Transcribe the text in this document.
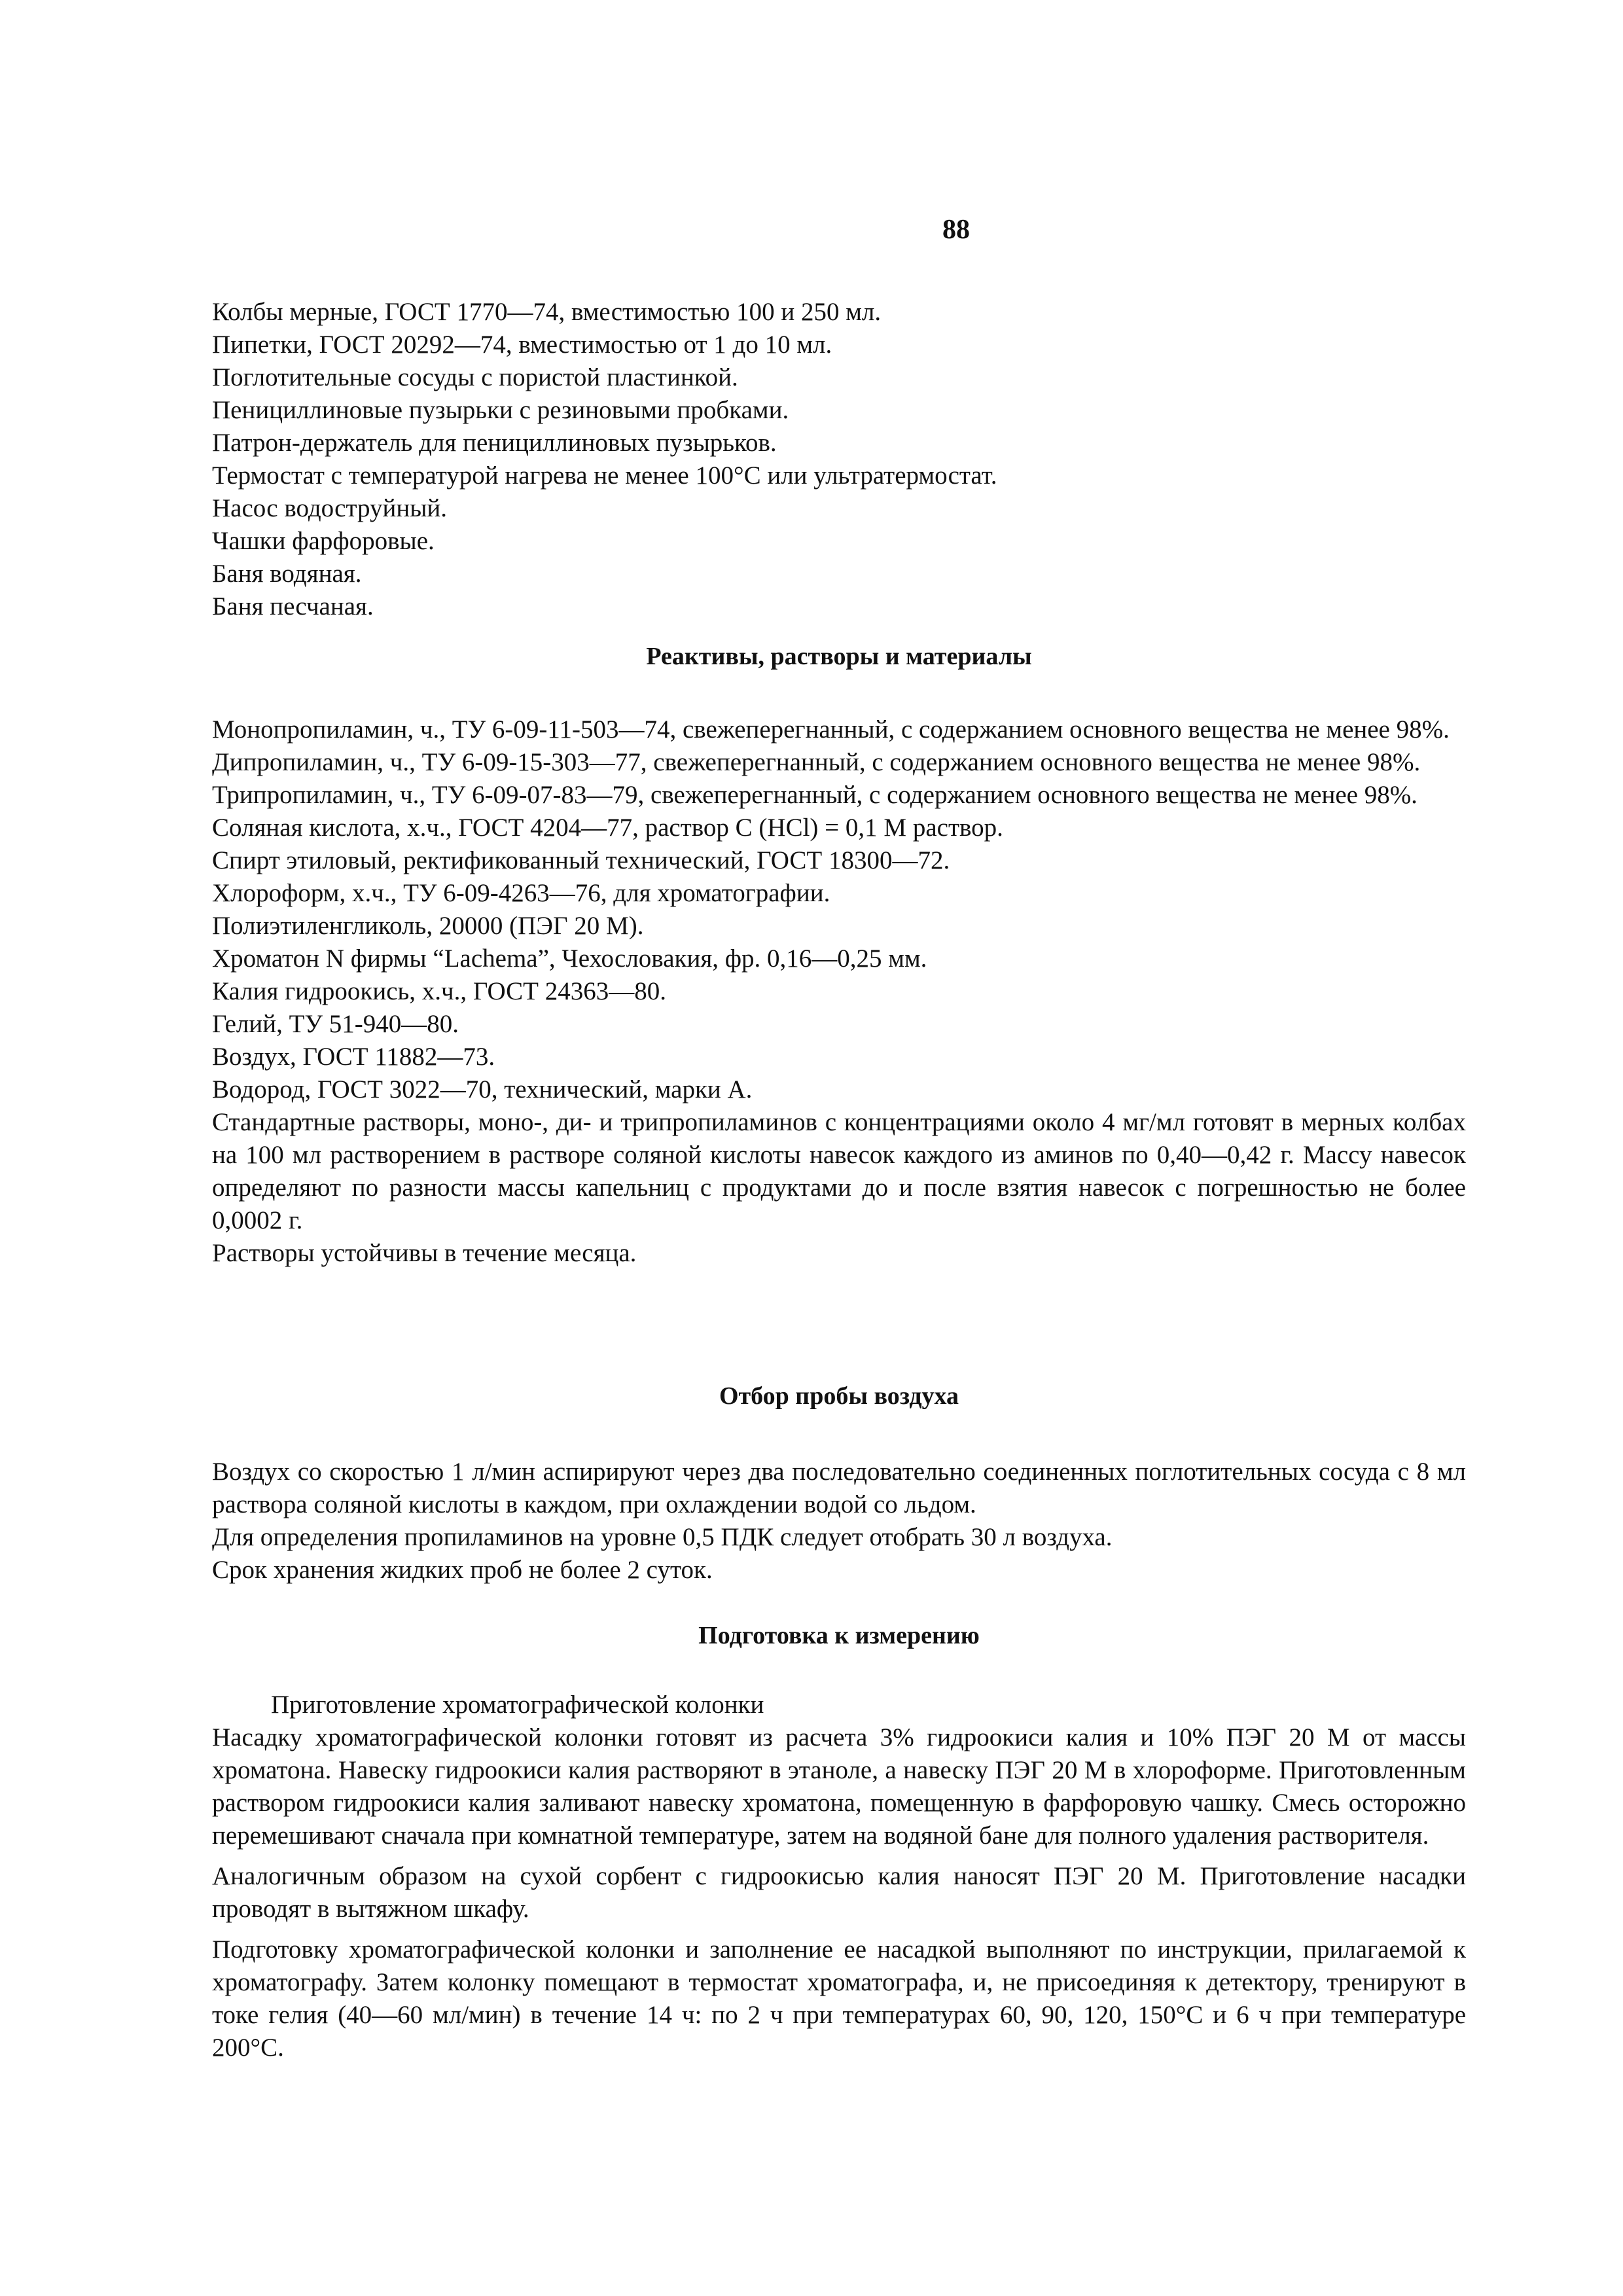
88
Колбы мерные, ГОСТ 1770—74, вместимостью 100 и 250 мл.
Пипетки, ГОСТ 20292—74, вместимостью от 1 до 10 мл.
Поглотительные сосуды с пористой пластинкой.
Пенициллиновые пузырьки с резиновыми пробками.
Патрон-держатель для пенициллиновых пузырьков.
Термостат с температурой нагрева не менее 100°С или ультратермостат.
Насос водоструйный.
Чашки фарфоровые.
Баня водяная.
Баня песчаная.
Реактивы, растворы и материалы

Монопропиламин, ч., ТУ 6-09-11-503—74, свежеперегнанный, с содержанием основного вещества не менее 98%.

Дипропиламин, ч., ТУ 6-09-15-303—77, свежеперегнанный, с содержанием основного вещества не менее 98%.

Трипропиламин, ч., ТУ 6-09-07-83—79, свежеперегнанный, с содержанием основного вещества не менее 98%.

Соляная кислота, х.ч., ГОСТ 4204—77, раствор С (HCl) = 0,1 М раствор.

Спирт этиловый, ректификованный технический, ГОСТ 18300—72.

Хлороформ, х.ч., ТУ 6-09-4263—76, для хроматографии.

Полиэтиленгликоль, 20000 (ПЭГ 20 М).

Хроматон N фирмы “Lachema”, Чехословакия, фр. 0,16—0,25 мм.

Калия гидроокись, х.ч., ГОСТ 24363—80.

Гелий, ТУ 51-940—80.

Воздух, ГОСТ 11882—73.

Водород, ГОСТ 3022—70, технический, марки А.

Стандартные растворы, моно-, ди- и трипропиламинов с концентрациями около 4 мг/мл готовят в мерных колбах на 100 мл растворением в растворе соляной кислоты навесок каждого из аминов по 0,40—0,42 г. Массу навесок определяют по разности массы капельниц с продуктами до и после взятия навесок с погрешностью не более 0,0002 г.

Растворы устойчивы в течение месяца.

Отбор пробы воздуха

Воздух со скоростью 1 л/мин аспирируют через два последовательно соединенных поглотительных сосуда с 8 мл раствора соляной кислоты в каждом, при охлаждении водой со льдом.

Для определения пропиламинов на уровне 0,5 ПДК следует отобрать 30 л воздуха.

Срок хранения жидких проб не более 2 суток.

Подготовка к измерению
Приготовление хроматографической колонки

Насадку хроматографической колонки готовят из расчета 3% гидроокиси калия и 10% ПЭГ 20 М от массы хроматона. Навеску гидроокиси калия растворяют в этаноле, а навеску ПЭГ 20 М в хлороформе. Приготовленным раствором гидроокиси калия заливают навеску хроматона, помещенную в фарфоровую чашку. Смесь осторожно перемешивают сначала при комнатной температуре, затем на водяной бане для полного удаления растворителя.

Аналогичным образом на сухой сорбент с гидроокисью калия наносят ПЭГ 20 М. Приготовление насадки проводят в вытяжном шкафу.

Подготовку хроматографической колонки и заполнение ее насадкой выполняют по инструкции, прилагаемой к хроматографу. Затем колонку помещают в термостат хроматографа, и, не присоединяя к детектору, тренируют в токе гелия (40—60 мл/мин) в течение 14 ч: по 2 ч при температурах 60, 90, 120, 150°С и 6 ч при температуре 200°С.
